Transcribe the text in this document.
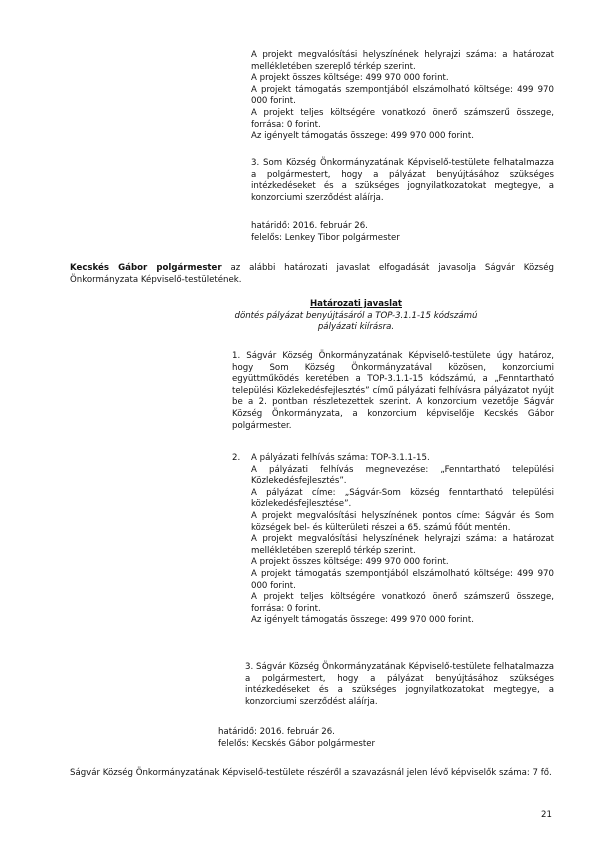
A projekt megvalósítási helyszínének helyrajzi száma: a határozat mellékletében szereplő térkép szerint.

A projekt összes költsége: 499 970 000 forint.

A projekt támogatás szempontjából elszámolható költsége: 499 970 000 forint.

A projekt teljes költségére vonatkozó önerő számszerű összege, forrása: 0 forint.

Az igényelt támogatás összege: 499 970 000 forint.

3. Som Község Önkormányzatának Képviselő-testülete felhatalmazza a polgármestert, hogy a pályázat benyújtásához szükséges intézkedéseket és a szükséges jognyilatkozatokat megtegye, a konzorciumi szerződést aláírja.

határidő: 2016. február 26.

felelős: Lenkey Tibor polgármester

Kecskés Gábor polgármester az alábbi határozati javaslat elfogadását javasolja Ságvár Község Önkormányzata Képviselő-testületének.

Határozati javaslat

döntés pályázat benyújtásáról a TOP-3.1.1-15 kódszámú

pályázati kiírásra.

1. Ságvár Község Önkormányzatának Képviselő-testülete úgy határoz, hogy Som Község Önkormányzatával közösen, konzorciumi együttműködés keretében a TOP-3.1.1-15 kódszámú, a „Fenntartható települési Közlekedésfejlesztés” című pályázati felhívásra pályázatot nyújt be a 2. pontban részletezettek szerint. A konzorcium vezetője Ságvár Község Önkormányzata, a konzorcium képviselője Kecskés Gábor polgármester.

2. A pályázati felhívás száma: TOP-3.1.1-15.

A pályázati felhívás megnevezése: „Fenntartható települési Közlekedésfejlesztés”.

A pályázat címe: „Ságvár-Som község fenntartható települési közlekedésfejlesztése”.

A projekt megvalósítási helyszínének pontos címe: Ságvár és Som községek bel- és külterületi részei a 65. számú főút mentén.

A projekt megvalósítási helyszínének helyrajzi száma: a határozat mellékletében szereplő térkép szerint.

A projekt összes költsége: 499 970 000 forint.

A projekt támogatás szempontjából elszámolható költsége: 499 970 000 forint.

A projekt teljes költségére vonatkozó önerő számszerű összege, forrása: 0 forint.

Az igényelt támogatás összege: 499 970 000 forint.

3. Ságvár Község Önkormányzatának Képviselő-testülete felhatalmazza a polgármestert, hogy a pályázat benyújtásához szükséges intézkedéseket és a szükséges jognyilatkozatokat megtegye, a konzorciumi szerződést aláírja.

határidő: 2016. február 26.

felelős: Kecskés Gábor polgármester

Ságvár Község Önkormányzatának Képviselő-testülete részéről a szavazásnál jelen lévő képviselők száma: 7 fő.

21
